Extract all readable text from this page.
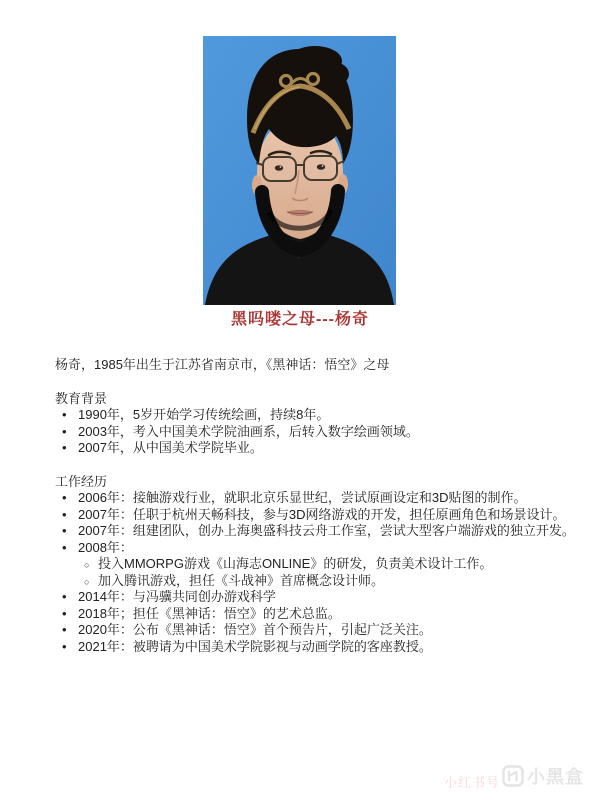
黑吗喽之母---杨奇

杨奇，1985年出生于江苏省南京市，《黑神话：悟空》之母

教育背景
• 1990年，5岁开始学习传统绘画，持续8年。
• 2003年，考入中国美术学院油画系，后转入数字绘画领域。
• 2007年，从中国美术学院毕业。
工作经历
• 2006年：接触游戏行业，就职北京乐显世纪，尝试原画设定和3D贴图的制作。
• 2007年：任职于杭州天畅科技，参与3D网络游戏的开发，担任原画角色和场景设计。
• 2007年：组建团队，创办上海奥盛科技云舟工作室，尝试大型客户端游戏的独立开发。
• 2008年：
○ 投入MMORPG游戏《山海志ONLINE》的研发，负责美术设计工作。
○ 加入腾讯游戏，担任《斗战神》首席概念设计师。
• 2014年：与冯骥共同创办游戏科学
• 2018年；担任《黑神话：悟空》的艺术总监。
• 2020年：公布《黑神话：悟空》首个预告片，引起广泛关注。
• 2021年：被聘请为中国美术学院影视与动画学院的客座教授。
小红书号 小黑盒
